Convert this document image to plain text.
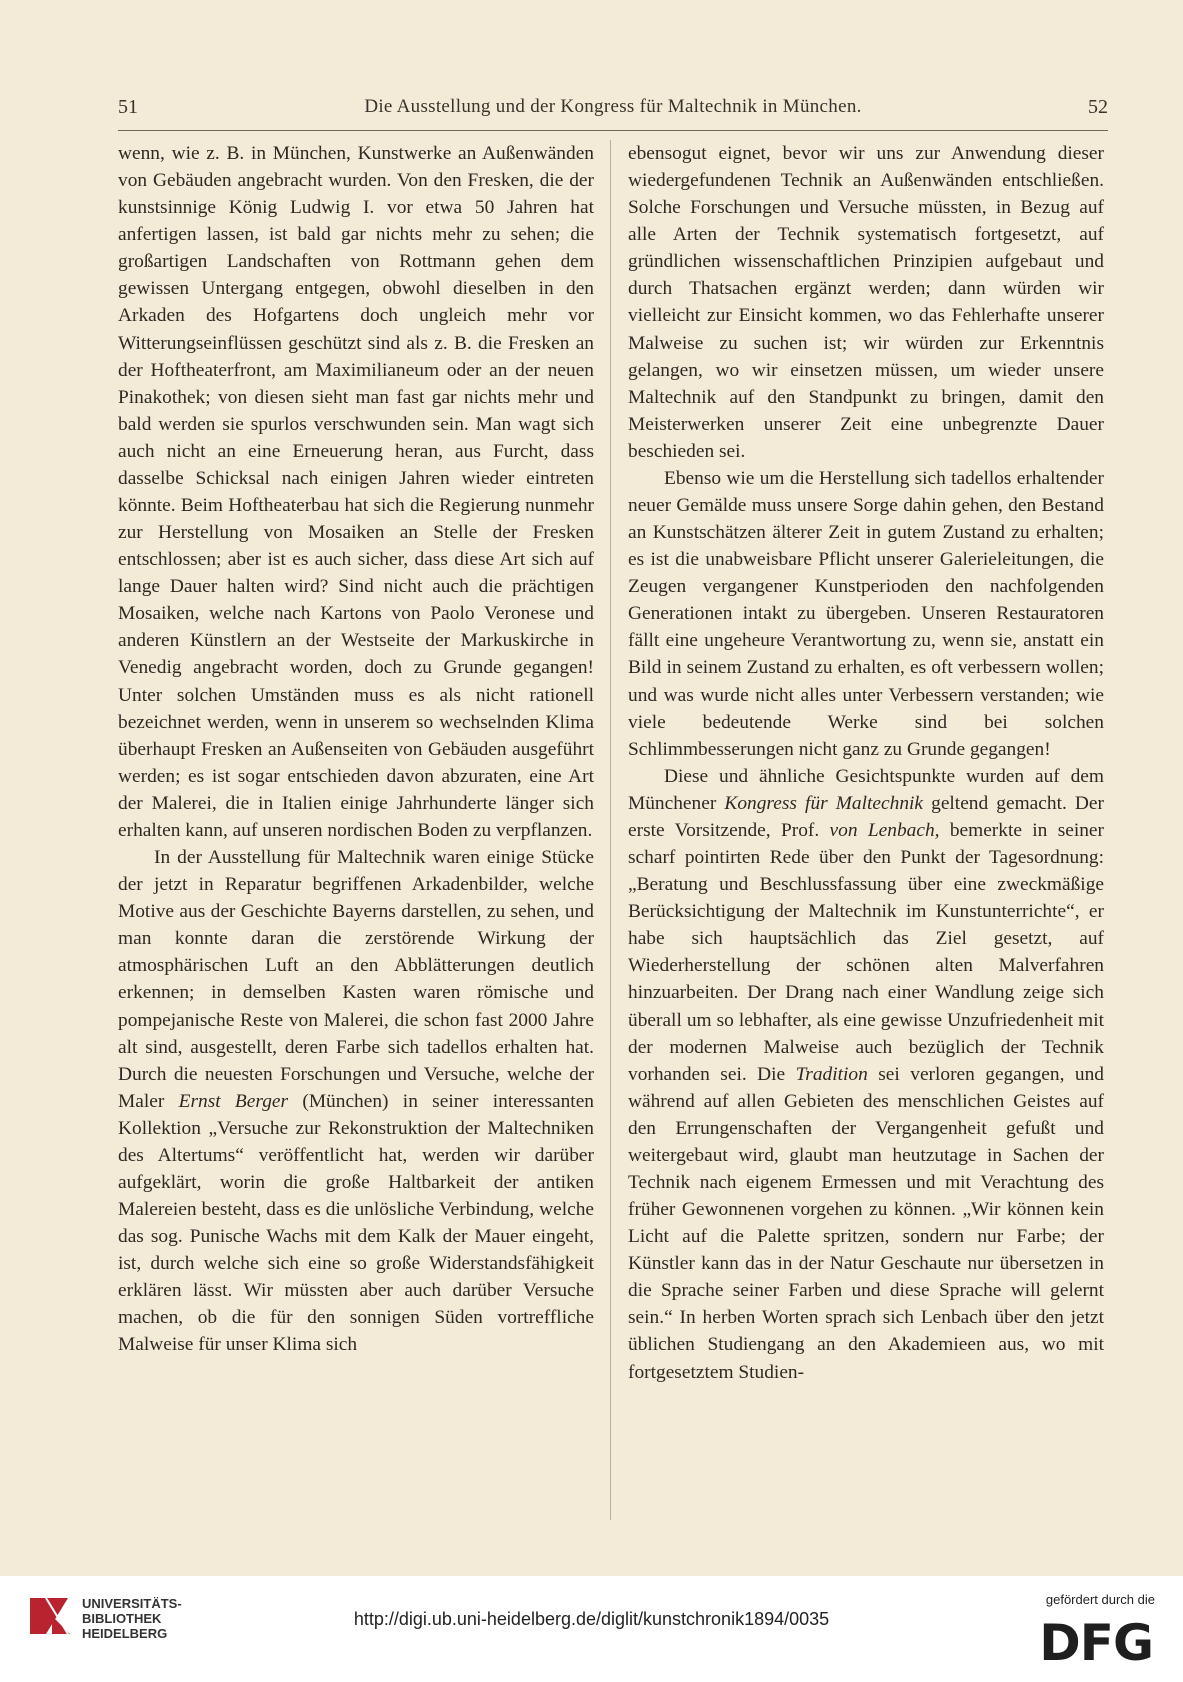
51	Die Ausstellung und der Kongress für Maltechnik in München.	52

wenn, wie z. B. in München, Kunstwerke an Außenwänden von Gebäuden angebracht wurden. Von den Fresken, die der kunstsinnige König Ludwig I. vor etwa 50 Jahren hat anfertigen lassen, ist bald gar nichts mehr zu sehen; die großartigen Landschaften von Rottmann gehen dem gewissen Untergang entgegen, obwohl dieselben in den Arkaden des Hofgartens doch ungleich mehr vor Witterungseinflüssen geschützt sind als z. B. die Fresken an der Hoftheaterfront, am Maximilianeum oder an der neuen Pinakothek; von diesen sieht man fast gar nichts mehr und bald werden sie spurlos verschwunden sein. Man wagt sich auch nicht an eine Erneuerung heran, aus Furcht, dass dasselbe Schicksal nach einigen Jahren wieder eintreten könnte. Beim Hoftheaterbau hat sich die Regierung nunmehr zur Herstellung von Mosaiken an Stelle der Fresken entschlossen; aber ist es auch sicher, dass diese Art sich auf lange Dauer halten wird? Sind nicht auch die prächtigen Mosaiken, welche nach Kartons von Paolo Veronese und anderen Künstlern an der Westseite der Markuskirche in Venedig angebracht worden, doch zu Grunde gegangen! Unter solchen Umständen muss es als nicht rationell bezeichnet werden, wenn in unserem so wechselnden Klima überhaupt Fresken an Außenseiten von Gebäuden ausgeführt werden; es ist sogar entschieden davon abzuraten, eine Art der Malerei, die in Italien einige Jahrhunderte länger sich erhalten kann, auf unseren nordischen Boden zu verpflanzen.

In der Ausstellung für Maltechnik waren einige Stücke der jetzt in Reparatur begriffenen Arkadenbilder, welche Motive aus der Geschichte Bayerns darstellen, zu sehen, und man konnte daran die zerstörende Wirkung der atmosphärischen Luft an den Abblätterungen deutlich erkennen; in demselben Kasten waren römische und pompejanische Reste von Malerei, die schon fast 2000 Jahre alt sind, ausgestellt, deren Farbe sich tadellos erhalten hat. Durch die neuesten Forschungen und Versuche, welche der Maler Ernst Berger (München) in seiner interessanten Kollektion „Versuche zur Rekonstruktion der Maltechniken des Altertums“ veröffentlicht hat, werden wir darüber aufgeklärt, worin die große Haltbarkeit der antiken Malereien besteht, dass es die unlösliche Verbindung, welche das sog. Punische Wachs mit dem Kalk der Mauer eingeht, ist, durch welche sich eine so große Widerstandsfähigkeit erklären lässt. Wir müssten aber auch darüber Versuche machen, ob die für den sonnigen Süden vortreffliche Malweise für unser Klima sich

ebensogut eignet, bevor wir uns zur Anwendung dieser wiedergefundenen Technik an Außenwänden entschließen. Solche Forschungen und Versuche müssten, in Bezug auf alle Arten der Technik systematisch fortgesetzt, auf gründlichen wissenschaftlichen Prinzipien aufgebaut und durch Thatsachen ergänzt werden; dann würden wir vielleicht zur Einsicht kommen, wo das Fehlerhafte unserer Malweise zu suchen ist; wir würden zur Erkenntnis gelangen, wo wir einsetzen müssen, um wieder unsere Maltechnik auf den Standpunkt zu bringen, damit den Meisterwerken unserer Zeit eine unbegrenzte Dauer beschieden sei.

Ebenso wie um die Herstellung sich tadellos erhaltender neuer Gemälde muss unsere Sorge dahin gehen, den Bestand an Kunstschätzen älterer Zeit in gutem Zustand zu erhalten; es ist die unabweisbare Pflicht unserer Galerieleitungen, die Zeugen vergangener Kunstperioden den nachfolgenden Generationen intakt zu übergeben. Unseren Restauratoren fällt eine ungeheure Verantwortung zu, wenn sie, anstatt ein Bild in seinem Zustand zu erhalten, es oft verbessern wollen; und was wurde nicht alles unter Verbessern verstanden; wie viele bedeutende Werke sind bei solchen Schlimmbesserungen nicht ganz zu Grunde gegangen!

Diese und ähnliche Gesichtspunkte wurden auf dem Münchener Kongress für Maltechnik geltend gemacht. Der erste Vorsitzende, Prof. von Lenbach, bemerkte in seiner scharf pointirten Rede über den Punkt der Tagesordnung: „Beratung und Beschlussfassung über eine zweckmäßige Berücksichtigung der Maltechnik im Kunstunterrichte“, er habe sich hauptsächlich das Ziel gesetzt, auf Wiederherstellung der schönen alten Malverfahren hinzuarbeiten. Der Drang nach einer Wandlung zeige sich überall um so lebhafter, als eine gewisse Unzufriedenheit mit der modernen Malweise auch bezüglich der Technik vorhanden sei. Die Tradition sei verloren gegangen, und während auf allen Gebieten des menschlichen Geistes auf den Errungenschaften der Vergangenheit gefußt und weitergebaut wird, glaubt man heutzutage in Sachen der Technik nach eigenem Ermessen und mit Verachtung des früher Gewonnenen vorgehen zu können. „Wir können kein Licht auf die Palette spritzen, sondern nur Farbe; der Künstler kann das in der Natur Geschaute nur übersetzen in die Sprache seiner Farben und diese Sprache will gelernt sein.“ In herben Worten sprach sich Lenbach über den jetzt üblichen Studiengang an den Akademieen aus, wo mit fortgesetztem Studien-

UNIVERSITÄTS-
BIBLIOTHEK
HEIDELBERG
http://digi.ub.uni-heidelberg.de/diglit/kunstchronik1894/0035
gefördert durch die
DFG
